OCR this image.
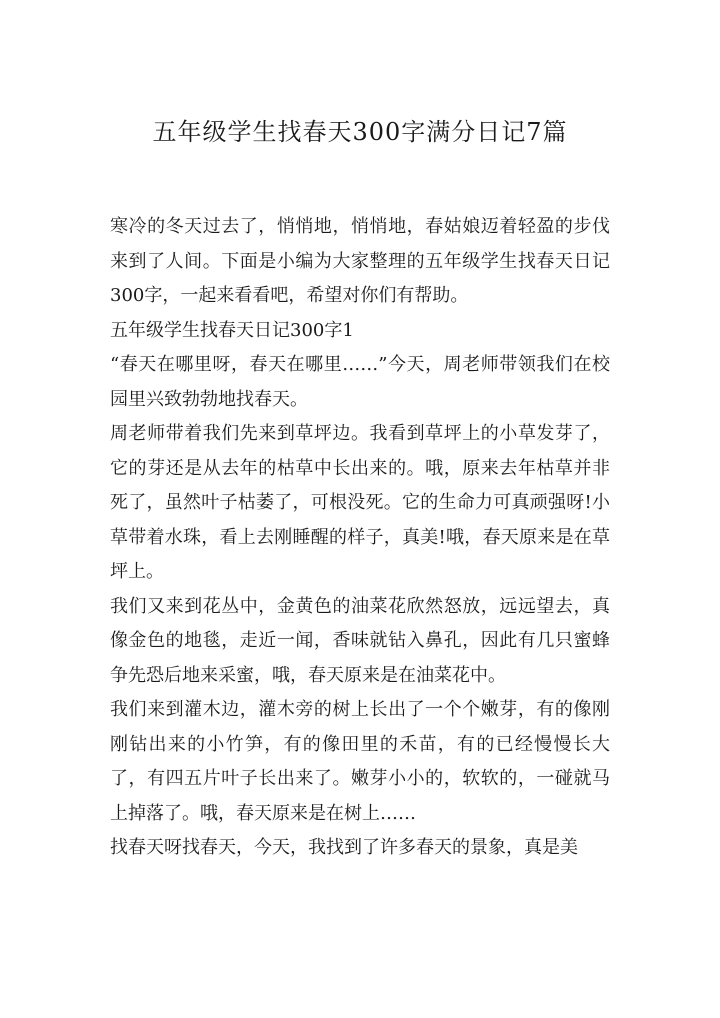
五年级学生找春天300字满分日记7篇

寒冷的冬天过去了，悄悄地，悄悄地，春姑娘迈着轻盈的步伐来到了人间。下面是小编为大家整理的五年级学生找春天日记300字，一起来看看吧，希望对你们有帮助。

五年级学生找春天日记300字1

“春天在哪里呀，春天在哪里……”今天，周老师带领我们在校园里兴致勃勃地找春天。

周老师带着我们先来到草坪边。我看到草坪上的小草发芽了，它的芽还是从去年的枯草中长出来的。哦，原来去年枯草并非死了，虽然叶子枯萎了，可根没死。它的生命力可真顽强呀!小草带着水珠，看上去刚睡醒的样子，真美!哦，春天原来是在草坪上。

我们又来到花丛中，金黄色的油菜花欣然怒放，远远望去，真像金色的地毯，走近一闻，香味就钻入鼻孔，因此有几只蜜蜂争先恐后地来采蜜，哦，春天原来是在油菜花中。

我们来到灌木边，灌木旁的树上长出了一个个嫩芽，有的像刚刚钻出来的小竹笋，有的像田里的禾苗，有的已经慢慢长大了，有四五片叶子长出来了。嫩芽小小的，软软的，一碰就马上掉落了。哦，春天原来是在树上……

找春天呀找春天，今天，我找到了许多春天的景象，真是美
